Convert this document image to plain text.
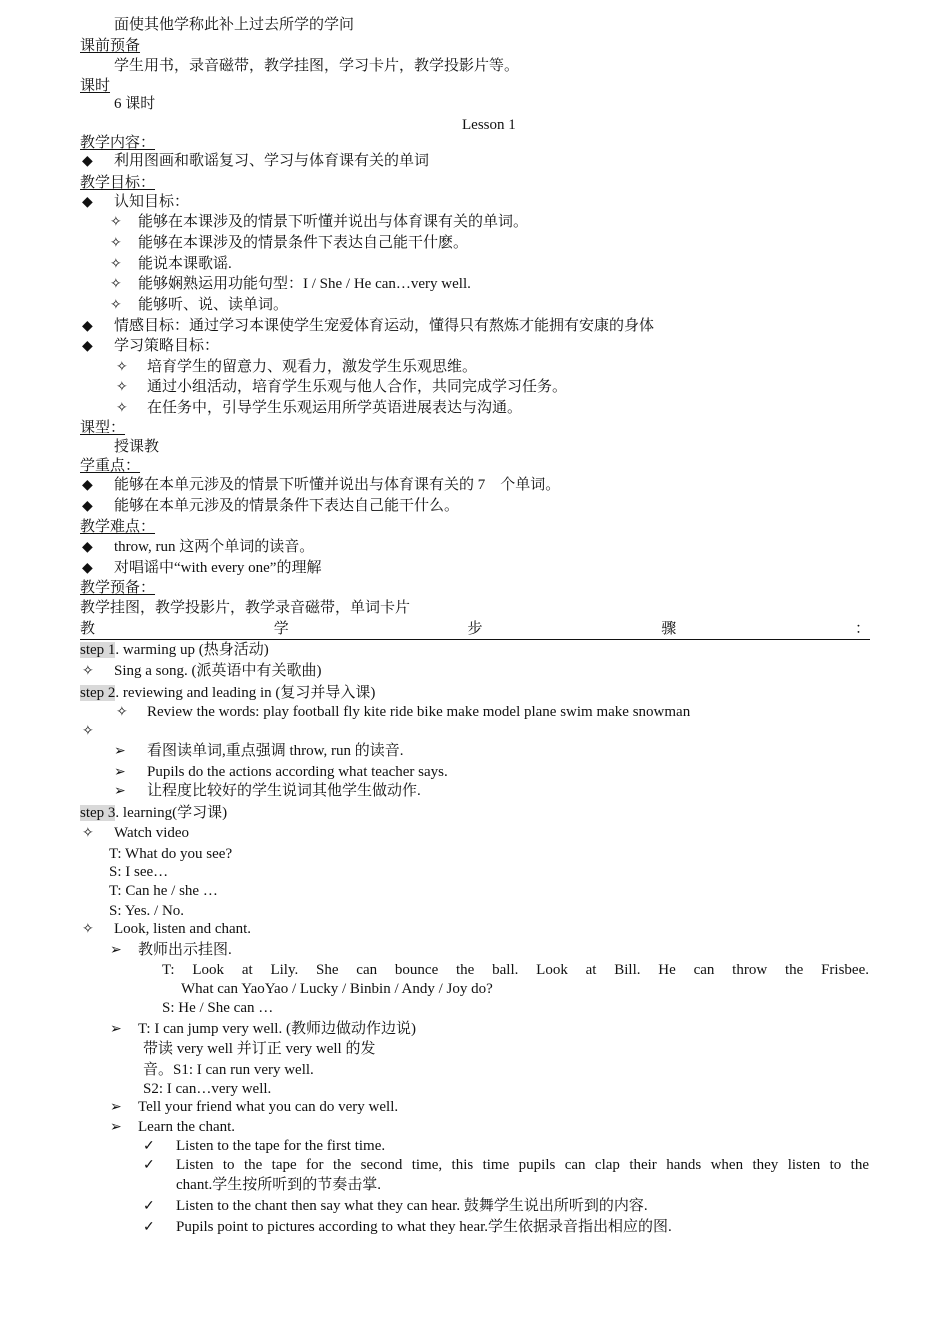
面使其他学称此补上过去所学的学问
课前预备
学生用书，录音磁带，教学挂图，学习卡片，教学投影片等。
课时
6 课时
Lesson 1
教学内容：
◆ 利用图画和歌谣复习、学习与体育课有关的单词
教学目标：
◆ 认知目标：
✧ 能够在本课涉及的情景下听懂并说出与体育课有关的单词。
✧ 能够在本课涉及的情景条件下表达自己能干什麽。
✧ 能说本课歌谣.
✧ 能够娴熟运用功能句型：I / She / He can…very well.
✧ 能够听、说、读单词。
◆ 情感目标：通过学习本课使学生宠爱体育运动，懂得只有熬炼才能拥有安康的身体
◆ 学习策略目标：
✧ 培育学生的留意力、观看力，激发学生乐观思维。
✧ 通过小组活动，培育学生乐观与他人合作，共同完成学习任务。
✧ 在任务中，引导学生乐观运用所学英语进展表达与沟通。
课型：
授课教
学重点：
◆ 能够在本单元涉及的情景下听懂并说出与体育课有关的 7　个单词。
◆ 能够在本单元涉及的情景条件下表达自己能干什么。
教学难点：
◆ throw, run 这两个单词的读音。
◆ 对唱谣中“with every one”的理解
教学预备：
教学挂图，教学投影片，教学录音磁带，单词卡片
教	学	步	骤	：
step 1. warming up (热身活动)
✧ Sing a song. (派英语中有关歌曲)
step 2. reviewing and leading in (复习并导入课)
✧ Review the words: play football fly kite ride bike make model plane swim make snowman
✧
➢ 看图读单词,重点强调 throw, run 的读音.
➢ Pupils do the actions according what teacher says.
➢ 让程度比较好的学生说词其他学生做动作.
step 3. learning(学习课)
✧ Watch video
T: What do you see?
S: I see…
T: Can he / she …
S: Yes. / No.
✧ Look, listen and chant.
➢ 教师出示挂图.
T: Look at Lily. She can bounce the ball. Look at Bill. He can throw the Frisbee.
What can YaoYao / Lucky / Binbin / Andy / Joy do?
S: He / She can …
➢ T: I can jump very well. (教师边做动作边说)
带读 very well 并订正 very well 的发
音。S1: I can run very well.
S2: I can…very well.
➢ Tell your friend what you can do very well.
➢ Learn the chant.
✓ Listen to the tape for the first time.
✓ Listen to the tape for the second time, this time pupils can clap their hands when they listen to the
chant.学生按所听到的节奏击掌.
✓ Listen to the chant then say what they can hear. 鼓舞学生说出所听到的内容.
✓ Pupils point to pictures according to what they hear.学生依据录音指出相应的图.
